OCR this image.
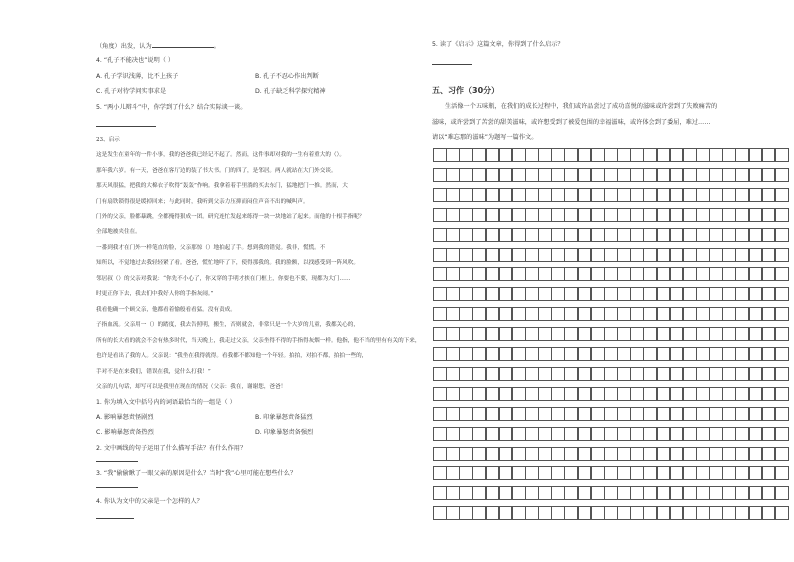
（角度）出发，认为	。
4. “孔子不能决也”说明（ ）
A. 孔子学识浅薄，比不上孩子	B. 孔子不忍心作出判断
C. 孔子对待学问实事求是	D. 孔子缺乏科学探究精神
5. “两小儿辩斗”中，你学到了什么？结合实际谈一谈。
23、启示
这是发生在童年的一件小事，我的爸爸我已经记不起了。然而，这件事却对我的一生有着重大的（）。
那年我六岁。有一天，爸爸在客厅边的装了书大书。门的四了，是邻居。两人就站在大门外交谈。
那天风很猛，把我的大棉衣子吹得“轰轰”作响。我拿着着手里淌的买去东门，猛地把门一推。然而，大
门有扇铁锁得很是缓掉回来；与此同时，我听到父亲力压抑而闷住声音不出的喊叫声。
门外的父亲，脸都暴跳，全都掩得狠成一团。研究连忙发起来练得一块一块地站了起来。而他的十根手指呢？
全部地被夹住在。
一番到我才在门外一样笔直的脸，父亲那惊（）地拍起了手。想到我的错觉。我非，慌慌。不
知所以，不觉地过去我轻轻紧了看。爸爸，慌忙地吓了下，使得那我的。我的脸额，以找感受到一阵风吹。
邻居叔（）的父亲对我说：“你先不小心了，你又穿的手明才挟在门框上，你要也不要，现都为大门……
时更正你下去，我去们中我好人你的手指灰闹。”
我看他确一个顾父亲，他都看着愉般看看猛。没有责成。
子指血流。父亲用一（）的踏度，我去告照明，搬生，否则就会，非常只是一个大岁的儿童，我都关心的，
所有的长大看的就会不会有热多时代，当天晚上，我走过父亲，父亲坐得不得的手指得灰烟一样。他指，他不当的里有有关的下来，
也许是看出了我的人。父亲说：“我坐在我得就得。看我都不都知他一个年轻。拍拍，对拍不都，拍拍一些的，
手对不是在来我们，错误在我，觉什么打我！”
父亲的几句话，却写可以是我里在现在的情况（父亲：我在，谢谢您，爸爸！
1. 你为填入文中括号内的词语最恰当的一组是（ ）
A. 影响暴怒责怪剧烈	B. 印象暴怒责备猛烈
C. 影响暴怒责备热烈	D. 印象暴怒责备强烈
2. 文中画线的句子运用了什么描写手法？有什么作用？
3. “我”偷偷瞅了一眼父亲的原因是什么？当时“我”心里可能在想些什么？
4. 你认为文中的父亲是一个怎样的人？
5. 读了《启示》这篇文章，你得到了什么启示？
五、习作（30分）
生活像一个五味瓶，在我们的成长过程中，我们或许品尝过了成功喜悦的滋味或许尝到了失败痛苦的
滋味，或许尝到了苦尝的甜美滋味，或许想受到了被爱包围的幸福滋味，或许体会到了委屈，难过……
请以“难忘那的滋味”为题写一篇作文。
